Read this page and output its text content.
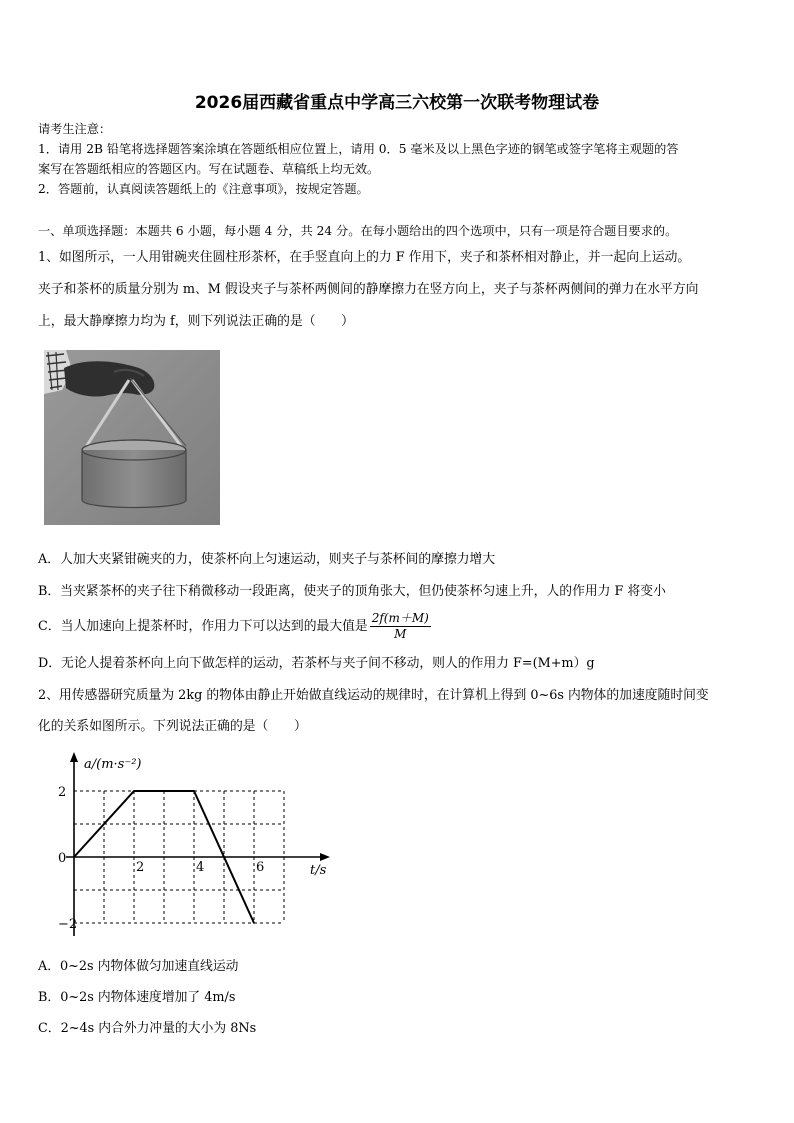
2026届西藏省重点中学高三六校第一次联考物理试卷
请考生注意：
1．请用 2B 铅笔将选择题答案涂填在答题纸相应位置上，请用 0．5 毫米及以上黑色字迹的钢笔或签字笔将主观题的答
案写在答题纸相应的答题区内。写在试题卷、草稿纸上均无效。
2．答题前，认真阅读答题纸上的《注意事项》，按规定答题。
一、单项选择题：本题共 6 小题，每小题 4 分，共 24 分。在每小题给出的四个选项中，只有一项是符合题目要求的。
1、如图所示，一人用钳碗夹住圆柱形茶杯，在手竖直向上的力 F 作用下，夹子和茶杯相对静止，并一起向上运动。
夹子和茶杯的质量分别为 m、M 假设夹子与茶杯两侧间的静摩擦力在竖方向上，夹子与茶杯两侧间的弹力在水平方向
上，最大静摩擦力均为 f，则下列说法正确的是（　　）
A．人加大夹紧钳碗夹的力，使茶杯向上匀速运动，则夹子与茶杯间的摩擦力增大
B．当夹紧茶杯的夹子往下稍微移动一段距离，使夹子的顶角张大，但仍使茶杯匀速上升，人的作用力 F 将变小
C．当人加速向上提茶杯时，作用力下可以达到的最大值是 $\frac{2f(m+M)}{M}$
D．无论人提着茶杯向上向下做怎样的运动，若茶杯与夹子间不移动，则人的作用力 F=(M+m）g
2、用传感器研究质量为 2kg 的物体由静止开始做直线运动的规律时，在计算机上得到 0~6s 内物体的加速度随时间变
化的关系如图所示。下列说法正确的是（　　）
2	4	6
2
0
−2
a/(m·s⁻²)
t/s
A．0~2s 内物体做匀加速直线运动
B．0~2s 内物体速度增加了 4m/s
C．2~4s 内合外力冲量的大小为 8Ns
